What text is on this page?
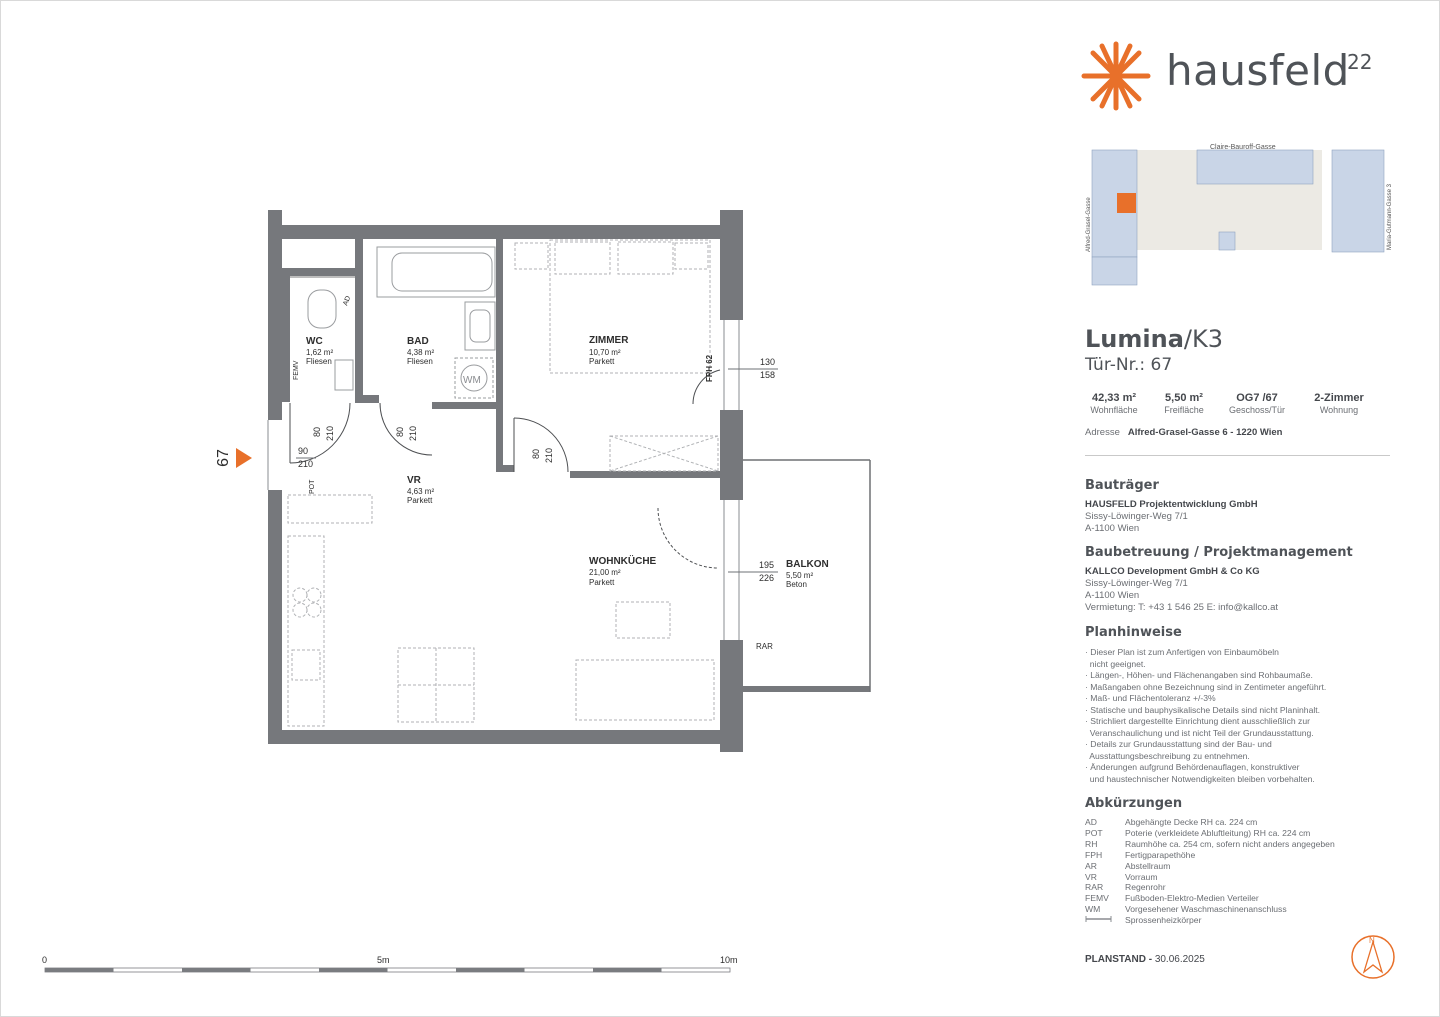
67
WC
1,62 m²
Fliesen
BAD
4,38 m²
Fliesen
ZIMMER
10,70 m²
Parkett
VR
4,63 m²
Parkett
WOHNKÜCHE
21,00 m²
Parkett
BALKON
5,50 m²
Beton
AD
FEMV
WM
POT
RAR
FPH 62	130
158
195
226
90
210
80 210	80 210
80 210
0	5m	10m
hausfeld
22
Claire-Bauroff-Gasse
Alfred-Grasel-Gasse	Maria-Gutmann-Gasse 3
Lumina/K3
Tür-Nr.: 67
42,33 m²
Wohnfläche
5,50 m²
Freifläche
OG7 /67
Geschoss/Tür
2-Zimmer
Wohnung
Adresse Alfred-Grasel-Gasse 6 - 1220 Wien
Bauträger
HAUSFELD Projektentwicklung GmbH
Sissy-Löwinger-Weg 7/1
A-1100 Wien
Baubetreuung / Projektmanagement
KALLCO Development GmbH & Co KG
Sissy-Löwinger-Weg 7/1
A-1100 Wien
Vermietung: T: +43 1 546 25 E: info@kallco.at
Planhinweise
· Dieser Plan ist zum Anfertigen von Einbaumöbeln
nicht geeignet.
· Längen-, Höhen- und Flächenangaben sind Rohbaumaße.
· Maßangaben ohne Bezeichnung sind in Zentimeter angeführt.
· Maß- und Flächentoleranz +/-3%
· Statische und bauphysikalische Details sind nicht Planinhalt.
· Strichliert dargestellte Einrichtung dient ausschließlich zur
Veranschaulichung und ist nicht Teil der Grundausstattung.
· Details zur Grundausstattung sind der Bau- und
Ausstattungsbeschreibung zu entnehmen.
· Änderungen aufgrund Behördenauflagen, konstruktiver
und haustechnischer Notwendigkeiten bleiben vorbehalten.
Abkürzungen
AD	Abgehängte Decke RH ca. 224 cm
POT	Poterie (verkleidete Abluftleitung) RH ca. 224 cm
RH	Raumhöhe ca. 254 cm, sofern nicht anders angegeben
FPH	Fertigparapethöhe
AR	Abstellraum
VR	Vorraum
RAR	Regenrohr
FEMV	Fußboden-Elektro-Medien Verteiler
WM	Vorgesehener Waschmaschinenanschluss
Sprossenheizkörper
PLANSTAND - 30.06.2025
N
